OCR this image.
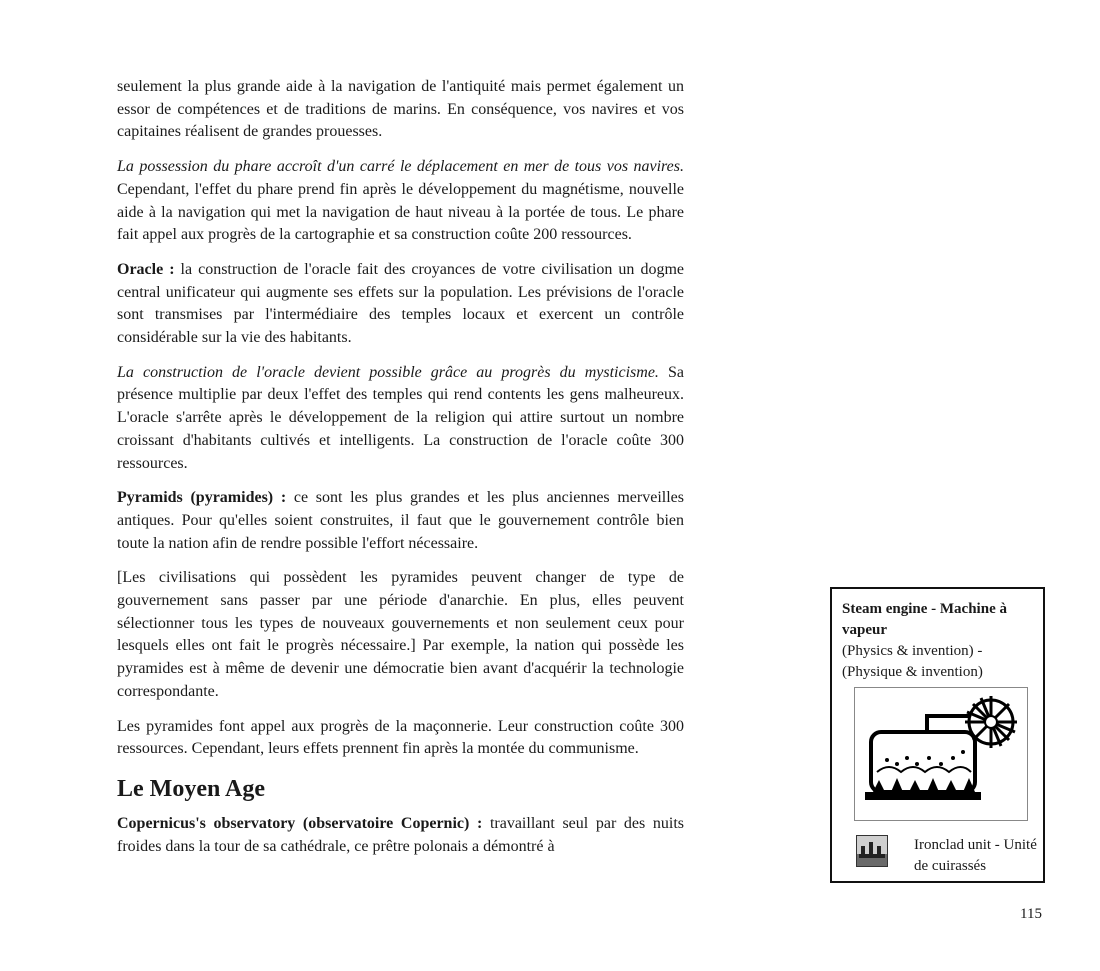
seulement la plus grande aide à la navigation de l'antiquité mais permet également un essor de compétences et de traditions de marins. En conséquence, vos navires et vos capitaines réalisent de grandes prouesses.

La possession du phare accroît d'un carré le déplacement en mer de tous vos navires. Cependant, l'effet du phare prend fin après le développement du magnétisme, nouvelle aide à la navigation qui met la navigation de haut niveau à la portée de tous. Le phare fait appel aux progrès de la cartographie et sa construction coûte 200 ressources.

Oracle : la construction de l'oracle fait des croyances de votre civilisation un dogme central unificateur qui augmente ses effets sur la population. Les prévisions de l'oracle sont transmises par l'intermédiaire des temples locaux et exercent un contrôle considérable sur la vie des habitants.

La construction de l'oracle devient possible grâce au progrès du mysticisme. Sa présence multiplie par deux l'effet des temples qui rend contents les gens malheureux. L'oracle s'arrête après le développement de la religion qui attire surtout un nombre croissant d'habitants cultivés et intelligents. La construction de l'oracle coûte 300 ressources.

Pyramids (pyramides) : ce sont les plus grandes et les plus anciennes merveilles antiques. Pour qu'elles soient construites, il faut que le gouvernement contrôle bien toute la nation afin de rendre possible l'effort nécessaire.

[Les civilisations qui possèdent les pyramides peuvent changer de type de gouvernement sans passer par une période d'anarchie. En plus, elles peuvent sélectionner tous les types de nouveaux gouvernements et non seulement ceux pour lesquels elles ont fait le progrès nécessaire.] Par exemple, la nation qui possède les pyramides est à même de devenir une démocratie bien avant d'acquérir la technologie correspondante.

Les pyramides font appel aux progrès de la maçonnerie. Leur construction coûte 300 ressources. Cependant, leurs effets prennent fin après la montée du communisme.

Le Moyen Age

Copernicus's observatory (observatoire Copernic) : travaillant seul par des nuits froides dans la tour de sa cathédrale, ce prêtre polonais a démontré à

Steam engine - Machine à vapeur
(Physics & invention) - (Physique & invention)
Ironclad unit - Unité de cuirassés
115
